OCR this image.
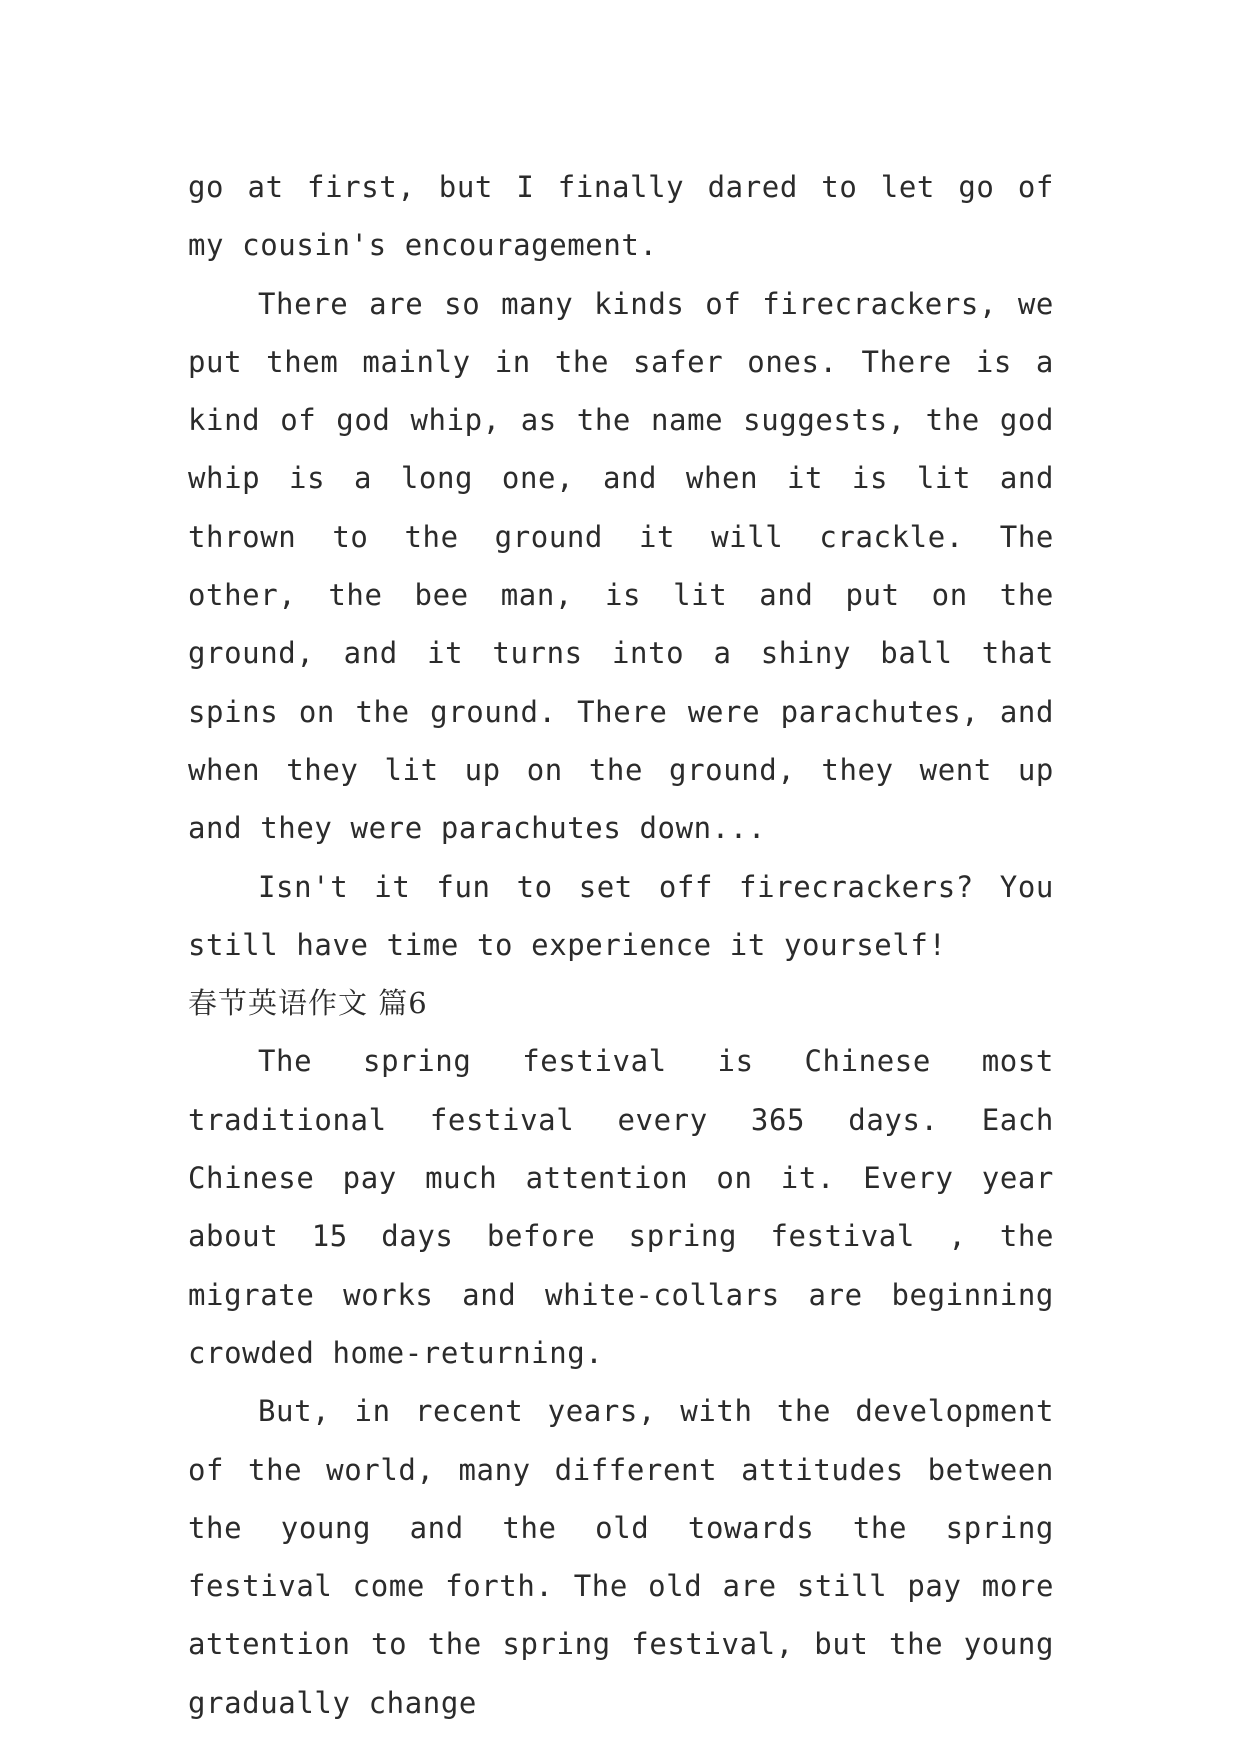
go at first, but I finally dared to let go of my cousin's encouragement.

There are so many kinds of firecrackers, we put them mainly in the safer ones. There is a kind of god whip, as the name suggests, the god whip is a long one, and when it is lit and thrown to the ground it will crackle. The other, the bee man, is lit and put on the ground, and it turns into a shiny ball that spins on the ground. There were parachutes, and when they lit up on the ground, they went up and they were parachutes down...

Isn't it fun to set off firecrackers? You still have time to experience it yourself!

春节英语作文 篇6

The spring festival is Chinese most traditional festival every 365 days. Each Chinese pay much attention on it. Every year about 15 days before spring festival , the migrate works and white-collars are beginning crowded home-returning.

But, in recent years, with the development of the world, many different attitudes between the young and the old towards the spring festival come forth. The old are still pay more attention to the spring festival, but the young gradually change
